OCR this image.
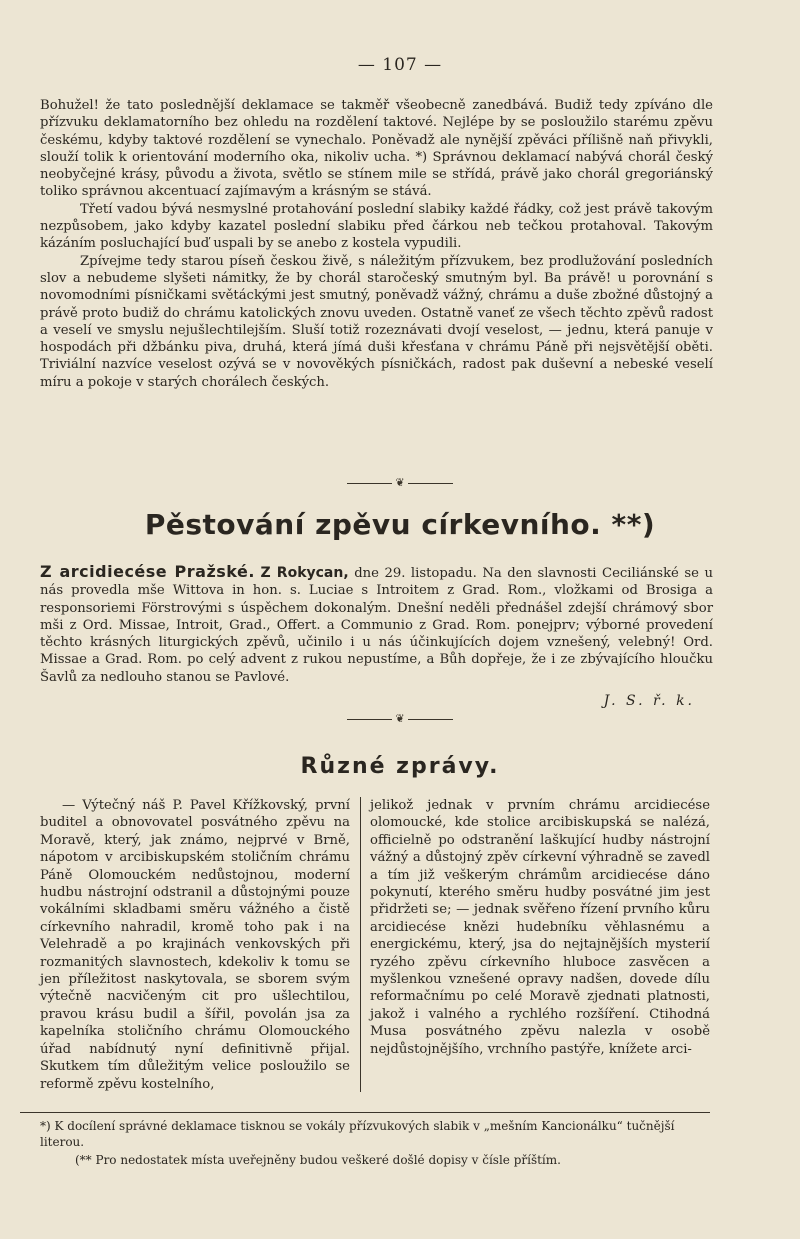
— 107 —

Bohužel! že tato poslednější deklamace se takměř všeobecně zanedbává. Budiž tedy zpíváno dle přízvuku deklamatorního bez ohledu na rozdělení taktové. Nejlépe by se posloužilo starému zpěvu českému, kdyby taktové rozdělení se vynechalo. Poněvadž ale nynější zpěváci přílišně naň přivykli, slouží tolik k orientování moderního oka, nikoliv ucha. *) Správnou deklamací nabývá chorál český neobyčejné krásy, původu a života, světlo se stínem mile se střídá, právě jako chorál gregoriánský toliko správnou akcentuací zajímavým a krásným se stává.

Třetí vadou bývá nesmyslné protahování poslední slabiky každé řádky, což jest právě takovým nezpůsobem, jako kdyby kazatel poslední slabiku před čárkou neb tečkou protahoval. Takovým kázáním posluchající buď uspali by se anebo z kostela vypudili.

Zpívejme tedy starou píseň českou živě, s náležitým přízvukem, bez prodlužování posledních slov a nebudeme slyšeti námitky, že by chorál staročeský smutným byl. Ba právě! u porovnání s novomodními písničkami světáckými jest smutný, poněvadž vážný, chrámu a duše zbožné důstojný a právě proto budiž do chrámu katolických znovu uveden. Ostatně vaneť ze všech těchto zpěvů radost a veselí ve smyslu nejušlechtilejším. Sluší totiž rozeznávati dvojí veselost, — jednu, která panuje v hospodách při džbánku piva, druhá, která jímá duši křesťana v chrámu Páně při nejsvětější oběti. Triviální nazvíce veselost ozývá se v novověkých písničkách, radost pak duševní a nebeské veselí míru a pokoje v starých chorálech českých.

❦
Pěstování zpěvu církevního. **)

Z arcidiecése Pražské. Z Rokycan, dne 29. listopadu. Na den slavnosti Ceciliánské se u nás provedla mše Wittova in hon. s. Luciae s Introitem z Grad. Rom., vložkami od Brosiga a responsoriemi Förstrovými s úspěchem dokonalým. Dnešní neděli přednášel zdejší chrámový sbor mši z Ord. Missae, Introit, Grad., Offert. a Communio z Grad. Rom. ponejprv; výborné provedení těchto krásných liturgických zpěvů, učinilo i u nás účinkujících dojem vznešený, velebný! Ord. Missae a Grad. Rom. po celý advent z rukou nepustíme, a Bůh dopřeje, že i ze zbývajícího hloučku Šavlů za nedlouho stanou se Pavlové.

J. S. ř. k.
❦
Různé zprávy.

— Výtečný náš P. Pavel Křížkovský, první buditel a obnovovatel posvátného zpěvu na Moravě, který, jak známo, nejprvé v Brně, nápotom v arcibiskupském stoličním chrámu Páně Olomouckém nedůstojnou, moderní hudbu nástrojní odstranil a důstojnými pouze vokálními skladbami směru vážného a čistě církevního nahradil, kromě toho pak i na Velehradě a po krajinách venkovských při rozmanitých slavnostech, kdekoliv k tomu se jen příležitost naskytovala, se sborem svým výtečně nacvičeným cit pro ušlechtilou, pravou krásu budil a šířil, povolán jsa za kapelníka stoličního chrámu Olomouckého úřad nabídnutý nyní definitivně přijal. Skutkem tím důležitým velice posloužilo se reformě zpěvu kostelního,

jelikož jednak v prvním chrámu arcidiecése olomoucké, kde stolice arcibiskupská se nalézá, officielně po odstranění laškující hudby nástrojní vážný a důstojný zpěv církevní výhradně se zavedl a tím již veškerým chrámům arcidiecése dáno pokynutí, kterého směru hudby posvátné jim jest přidržeti se; — jednak svěřeno řízení prvního kůru arcidiecése knězi hudebníku věhlasnému a energickému, který, jsa do nejtajnějších mysterií ryzého zpěvu církevního hluboce zasvěcen a myšlenkou vznešené opravy nadšen, dovede dílu reformačnímu po celé Moravě zjednati platnosti, jakož i valného a rychlého rozšíření. Ctihodná Musa posvátného zpěvu nalezla v osobě nejdůstojnějšího, vrchního pastýře, knížete arci-

*) K docílení správné deklamace tisknou se vokály přízvukových slabik v „mešním Kancionálku“ tučnější literou.
(** Pro nedostatek místa uveřejněny budou veškeré došlé dopisy v čísle příštím.
